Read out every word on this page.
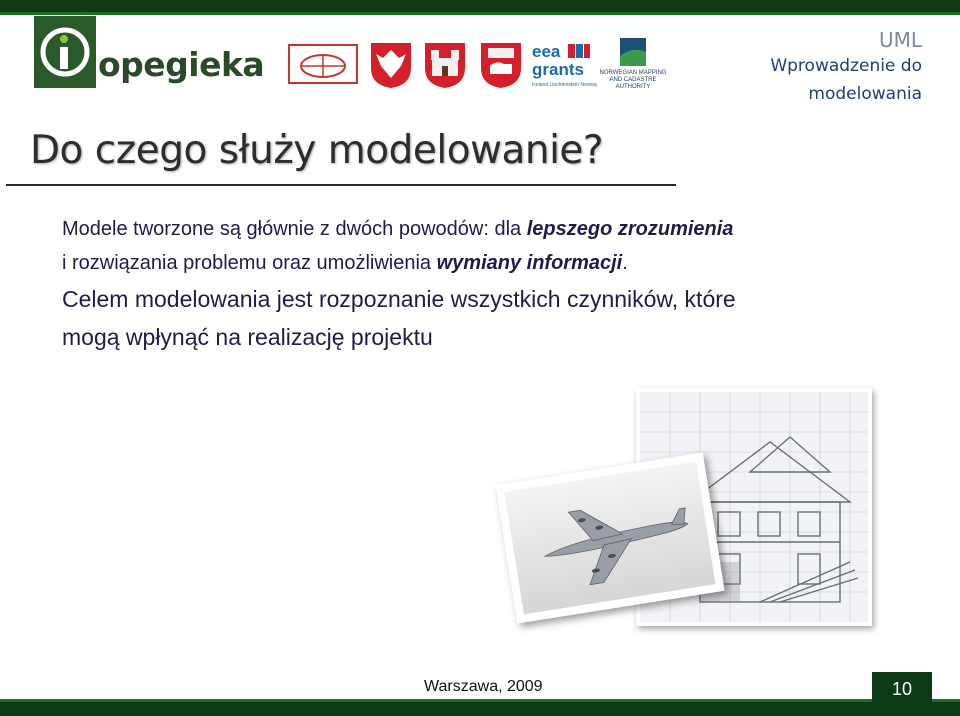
opegieka	eea
grants
Iceland Liechtenstein Norway
NORWEGIAN MAPPING AND CADASTRE AUTHORITY
UML
Wprowadzenie do
modelowania
Do czego służy modelowanie?

Modele tworzone są głównie z dwóch powodów: dla lepszego zrozumienia i rozwiązania problemu oraz umożliwienia wymiany informacji.

Celem modelowania jest rozpoznanie wszystkich czynników, które mogą wpłynąć na realizację projektu

Warszawa, 2009	10
